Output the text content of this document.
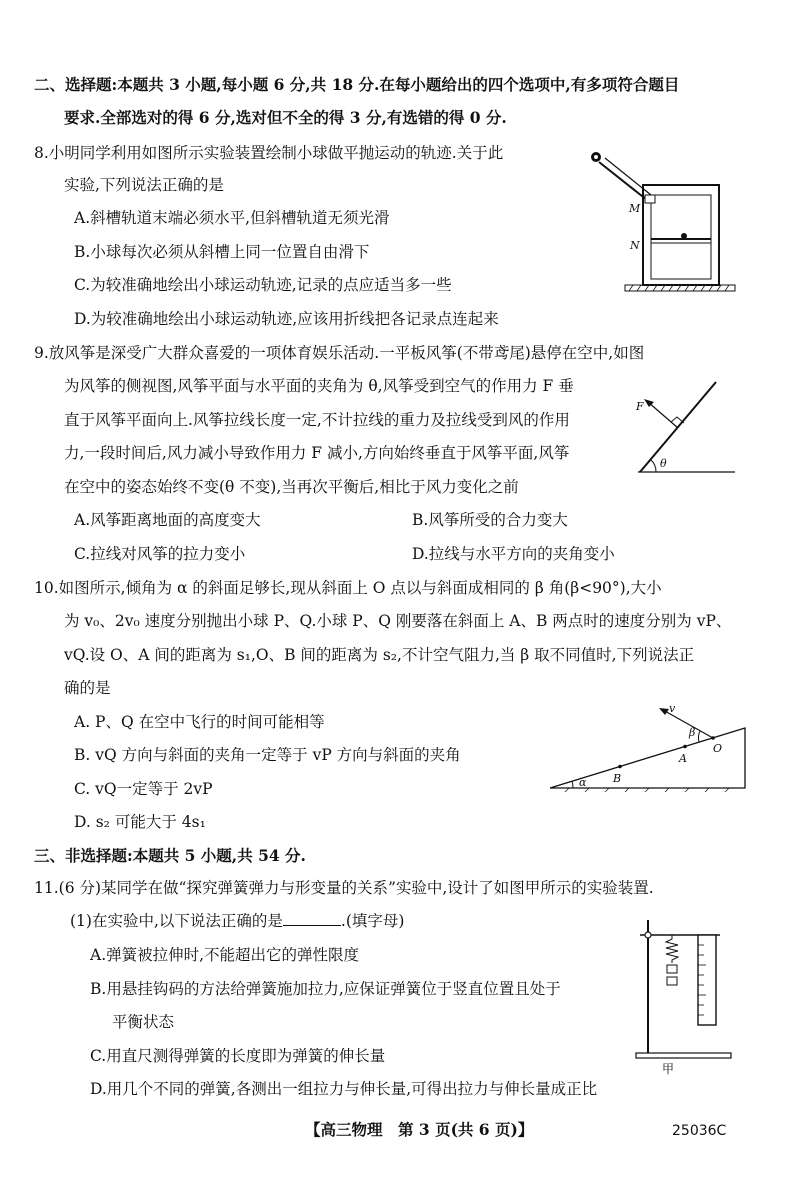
二、选择题:本题共 3 小题,每小题 6 分,共 18 分.在每小题给出的四个选项中,有多项符合题目
要求.全部选对的得 6 分,选对但不全的得 3 分,有选错的得 0 分.
8.小明同学利用如图所示实验装置绘制小球做平抛运动的轨迹.关于此
实验,下列说法正确的是
A.斜槽轨道末端必须水平,但斜槽轨道无须光滑
B.小球每次必须从斜槽上同一位置自由滑下
C.为较准确地绘出小球运动轨迹,记录的点应适当多一些
D.为较准确地绘出小球运动轨迹,应该用折线把各记录点连起来
M
N
9.放风筝是深受广大群众喜爱的一项体育娱乐活动.一平板风筝(不带鸢尾)悬停在空中,如图
为风筝的侧视图,风筝平面与水平面的夹角为 θ,风筝受到空气的作用力 F 垂
直于风筝平面向上.风筝拉线长度一定,不计拉线的重力及拉线受到风的作用
力,一段时间后,风力减小导致作用力 F 减小,方向始终垂直于风筝平面,风筝
在空中的姿态始终不变(θ 不变),当再次平衡后,相比于风力变化之前
A.风筝距离地面的高度变大	B.风筝所受的合力变大
C.拉线对风筝的拉力变小	D.拉线与水平方向的夹角变小
F
θ
10.如图所示,倾角为 α 的斜面足够长,现从斜面上 O 点以与斜面成相同的 β 角(β<90°),大小
为 v₀、2v₀ 速度分别抛出小球 P、Q.小球 P、Q 刚要落在斜面上 A、B 两点时的速度分别为 vP、
vQ.设 O、A 间的距离为 s₁,O、B 间的距离为 s₂,不计空气阻力,当 β 取不同值时,下列说法正
确的是
A. P、Q 在空中飞行的时间可能相等
B. vQ 方向与斜面的夹角一定等于 vP 方向与斜面的夹角
C. vQ一定等于 2vP
D. s₂ 可能大于 4s₁
B
A
O
v
β
α
三、非选择题:本题共 5 小题,共 54 分.
11.(6 分)某同学在做“探究弹簧弹力与形变量的关系”实验中,设计了如图甲所示的实验装置.
(1)在实验中,以下说法正确的是	.(填字母)
A.弹簧被拉伸时,不能超出它的弹性限度
B.用悬挂钩码的方法给弹簧施加拉力,应保证弹簧位于竖直位置且处于
平衡状态
C.用直尺测得弹簧的长度即为弹簧的伸长量
D.用几个不同的弹簧,各测出一组拉力与伸长量,可得出拉力与伸长量成正比
甲
【高三物理　第 3 页(共 6 页)】	25036C
